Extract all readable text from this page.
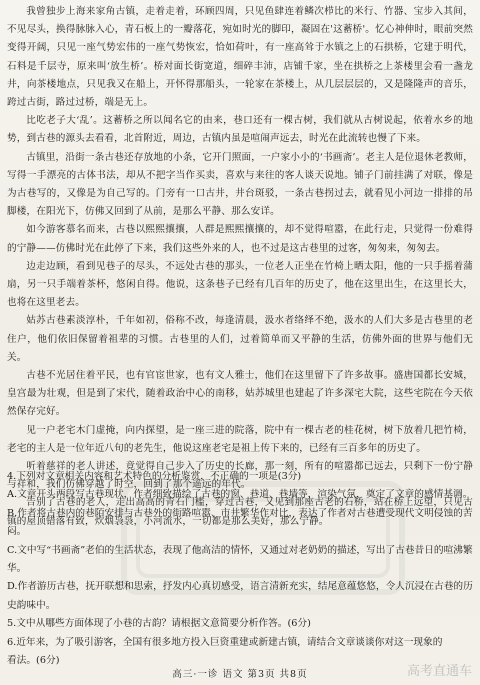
我曾独步上海来家角古镇，走着走着，环顾四周，只见鱼肆连着鳞次栉比的米行、竹器、宝步入其间，不见尽头，换得脉脉入心，青石板上的一瓣落花，宛如时光的脚印，凝固在'这蓄桥'。忆心神伸时，眼前突然变得开阔，只见一座气势宏伟的一座气势恢宏，恰如荷叶，有一座高耸于水镇之上的石拱桥，它建于明代，石料是千层寺，原来叫‘放生桥’。桥对面长街宽道，细碎丰沛，店铺千家，坐在拱桥之上茶楼里会看一盏龙井，向茶楼地点，只见我又在船上，开怀得那船头，一轮家在茶楼上，从几层层层的，又是隆隆声的音乐，跨过古街，路过过桥，端是无上。

比吃老子大‘乱’。这蓄桥之所以闻名它的由来，巷口还有一棵古树，我们就从古树说起，依着水乡的地势，到古巷的源头去看看，北首附近，周边，古镇内虽是喧闹声远去，时光在此流转也慢了下来。

古镇里，沿街一条古巷还存放地的小条，它开门照面，一户家小小的‘书画斋’。老主人是位退休老教师，写得一手漂亮的古体书法，却从不把字当作买卖，喜欢与来往的客人谈天说地。铺子门前挂满了对联，像是为古巷写的，又像是为自己写的。门旁有一口古井，井台斑驳，一条古巷拐过去，就看见小河边一排排的吊脚楼，在阳光下，仿佛又回到了从前，是那么平静、那么安详。

如今游客慕名而来，古巷以熙熙攘攘，人群是熙熙攘攘的，却不觉得喧嚣，在此行走，只觉得一份难得的宁静——仿佛时光在此停了下来，我们这些外来的人，也不过是这古巷里的过客，匆匆来，匆匆去。

边走边顾，看到见巷子的尽头，不远处古巷的那头，一位老人正坐在竹椅上晒太阳，他的一只手摇着蒲扇，另一只手端着茶杯，悠闲自得。他说，这条巷子已经有几百年的历史了，他在这里出生，在这里长大，也将在这里老去。

姑苏古巷素淡淳朴，千年如初，俗称不改，每逢清晨，汲水者络绎不绝，汲水的人们大多是古巷里的老住户，他们依旧保留着祖辈的习惯。古巷里的人们，过着简单而又平静的生活，仿佛外面的世界与他们无关。

古巷不光居住着平民，也有官宦世家，也有文人雅士，他们在这里留下了许多故事。盛唐国都长安城，皇宫最为壮观，但是到了宋代，随着政治中心的南移，姑苏城里也建起了许多深宅大院，这些宅院在今天依然保存完好。

见一户老宅木门虚掩，向内探望，是一座三进的院落，院中有一棵古老的桂花树，树下放着几把竹椅，老宅的主人是一位年近八旬的老先生，他说这座老宅是祖上传下来的，已经有三百多年的历史了。

听着慈祥的老人讲述，竟觉得自己步入了历史的长廊，那一刻，所有的喧嚣都已远去，只剩下一份宁静与祥和，我们仿佛穿越了时空，回到了那个遥远的年代。

告别了古巷的老人，走出高高的青石门槛，穿过古巷，又见到那座古老的石桥，站在桥上远望，只见古镇的屋顶错落有致，炊烟袅袅，小河流水，一切都是那么美好，那么宁静。

4.下列对文章相关内容和艺术特色的分析鉴赏，不正确的一项是(3分)

A.文章开头两段写古巷现状，作者细致描绘了古巷的窗、巷道、巷墙等，渲染气氛，奠定了文章的感情基调。

B.作者将古巷内的巷陌安排与古巷外的街路喧嚣、市井繁华作对比，表达了作者对古巷遭受现代文明侵蚀的苦闷。

C.文中写“书画斋”老伯的生活状态，表现了他高洁的情怀，又通过对老奶奶的描述，写出了古巷昔日的喧沸繁华。

D.作者游历古巷，抚开联想和思索，抒发内心真切感受，语言清新充实，结尾意蕴悠悠，令人沉浸在古巷的历史韵味中。

5.文中从哪些方面体现了小巷的古韵？请根据文意简要分析作答。(6分)

6.近年来，为了吸引游客，全国有很多地方投入巨资重建或新建古镇，请结合文章谈谈你对这一现象的

看法。(6分)

高三·一诊 语文 第3页 共8页	高考直通车
